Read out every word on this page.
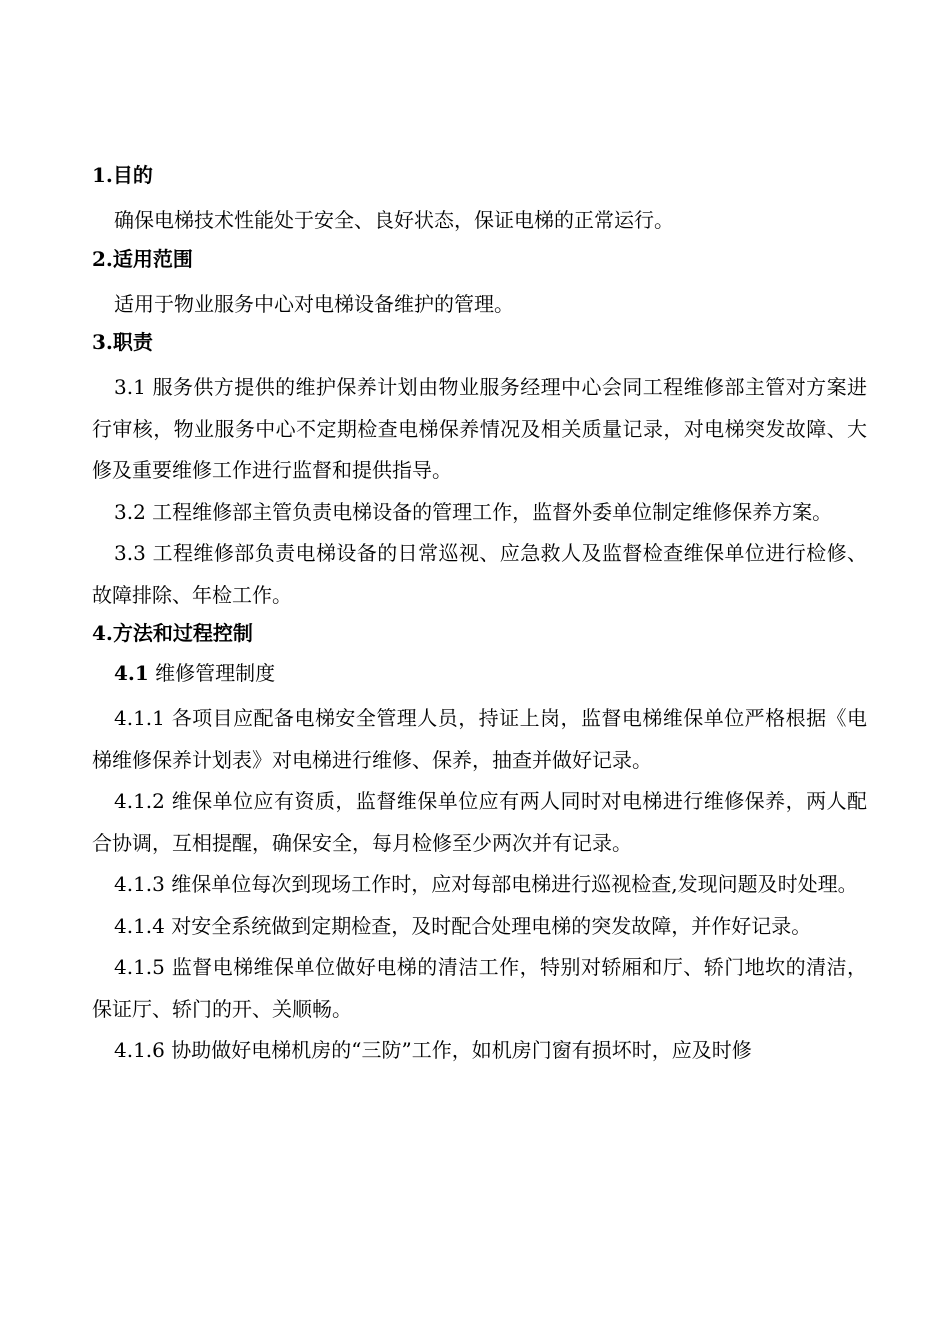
1.目的
确保电梯技术性能处于安全、良好状态，保证电梯的正常运行。
2.适用范围
适用于物业服务中心对电梯设备维护的管理。
3.职责
3.1 服务供方提供的维护保养计划由物业服务经理中心会同工程维修部主管对方案进行审核，物业服务中心不定期检查电梯保养情况及相关质量记录，对电梯突发故障、大修及重要维修工作进行监督和提供指导。
3.2 工程维修部主管负责电梯设备的管理工作，监督外委单位制定维修保养方案。
3.3 工程维修部负责电梯设备的日常巡视、应急救人及监督检查维保单位进行检修、故障排除、年检工作。
4.方法和过程控制
4.1 维修管理制度
4.1.1 各项目应配备电梯安全管理人员，持证上岗，监督电梯维保单位严格根据《电梯维修保养计划表》对电梯进行维修、保养，抽查并做好记录。
4.1.2 维保单位应有资质，监督维保单位应有两人同时对电梯进行维修保养，两人配合协调，互相提醒，确保安全，每月检修至少两次并有记录。
4.1.3 维保单位每次到现场工作时，应对每部电梯进行巡视检查,发现问题及时处理。
4.1.4 对安全系统做到定期检查，及时配合处理电梯的突发故障，并作好记录。
4.1.5 监督电梯维保单位做好电梯的清洁工作，特别对轿厢和厅、轿门地坎的清洁，保证厅、轿门的开、关顺畅。
4.1.6 协助做好电梯机房的“三防”工作，如机房门窗有损坏时，应及时修
